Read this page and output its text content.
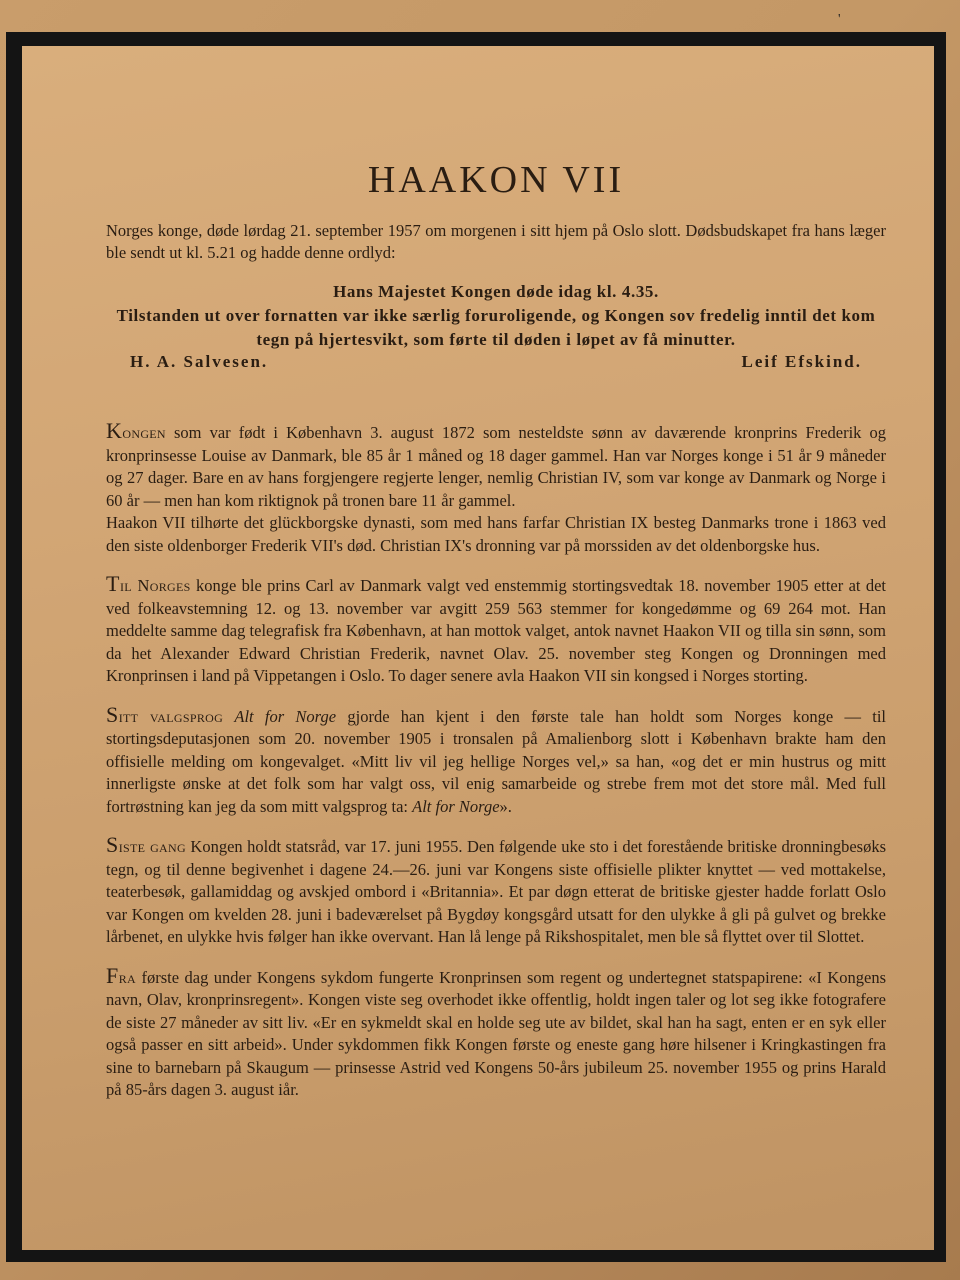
'
HAAKON VII

Norges konge, døde lørdag 21. september 1957 om morgenen i sitt hjem på Oslo slott. Dødsbudskapet fra hans læger ble sendt ut kl. 5.21 og hadde denne ordlyd:

Hans Majestet Kongen døde idag kl. 4.35.

Tilstanden ut over fornatten var ikke særlig foruroligende, og Kongen sov fredelig inntil det kom tegn på hjertesvikt, som førte til døden i løpet av få minutter.

H. A. Salvesen.	Leif Efskind.

Kongen som var født i København 3. august 1872 som nesteldste sønn av daværende kronprins Frederik og kronprinsesse Louise av Danmark, ble 85 år 1 måned og 18 dager gammel. Han var Norges konge i 51 år 9 måneder og 27 dager. Bare en av hans forgjengere regjerte lenger, nemlig Christian IV, som var konge av Danmark og Norge i 60 år — men han kom riktignok på tronen bare 11 år gammel.

Haakon VII tilhørte det glückborgske dynasti, som med hans farfar Christian IX besteg Danmarks trone i 1863 ved den siste oldenborger Frederik VII's død. Christian IX's dronning var på morssiden av det oldenborgske hus.

Til Norges konge ble prins Carl av Danmark valgt ved enstemmig stortingsvedtak 18. november 1905 etter at det ved folkeavstemning 12. og 13. november var avgitt 259 563 stemmer for kongedømme og 69 264 mot. Han meddelte samme dag telegrafisk fra København, at han mottok valget, antok navnet Haakon VII og tilla sin sønn, som da het Alexander Edward Christian Frederik, navnet Olav. 25. november steg Kongen og Dronningen med Kronprinsen i land på Vippetangen i Oslo. To dager senere avla Haakon VII sin kongsed i Norges storting.

Sitt valgsprog Alt for Norge gjorde han kjent i den første tale han holdt som Norges konge — til stortingsdeputasjonen som 20. november 1905 i tronsalen på Amalienborg slott i København brakte ham den offisielle melding om kongevalget. «Mitt liv vil jeg hellige Norges vel,» sa han, «og det er min hustrus og mitt innerligste ønske at det folk som har valgt oss, vil enig samarbeide og strebe frem mot det store mål. Med full fortrøstning kan jeg da som mitt valgsprog ta: Alt for Norge».

Siste gang Kongen holdt statsråd, var 17. juni 1955. Den følgende uke sto i det forestående britiske dronningbesøks tegn, og til denne begivenhet i dagene 24.—26. juni var Kongens siste offisielle plikter knyttet — ved mottakelse, teaterbesøk, gallamiddag og avskjed ombord i «Britannia». Et par døgn etterat de britiske gjester hadde forlatt Oslo var Kongen om kvelden 28. juni i badeværelset på Bygdøy kongsgård utsatt for den ulykke å gli på gulvet og brekke lårbenet, en ulykke hvis følger han ikke overvant. Han lå lenge på Rikshospitalet, men ble så flyttet over til Slottet.

Fra første dag under Kongens sykdom fungerte Kronprinsen som regent og undertegnet statspapirene: «I Kongens navn, Olav, kronprinsregent». Kongen viste seg overhodet ikke offentlig, holdt ingen taler og lot seg ikke fotografere de siste 27 måneder av sitt liv. «Er en sykmeldt skal en holde seg ute av bildet, skal han ha sagt, enten er en syk eller også passer en sitt arbeid». Under sykdommen fikk Kongen første og eneste gang høre hilsener i Kringkastingen fra sine to barnebarn på Skaugum — prinsesse Astrid ved Kongens 50-års jubileum 25. november 1955 og prins Harald på 85-års dagen 3. august iår.
